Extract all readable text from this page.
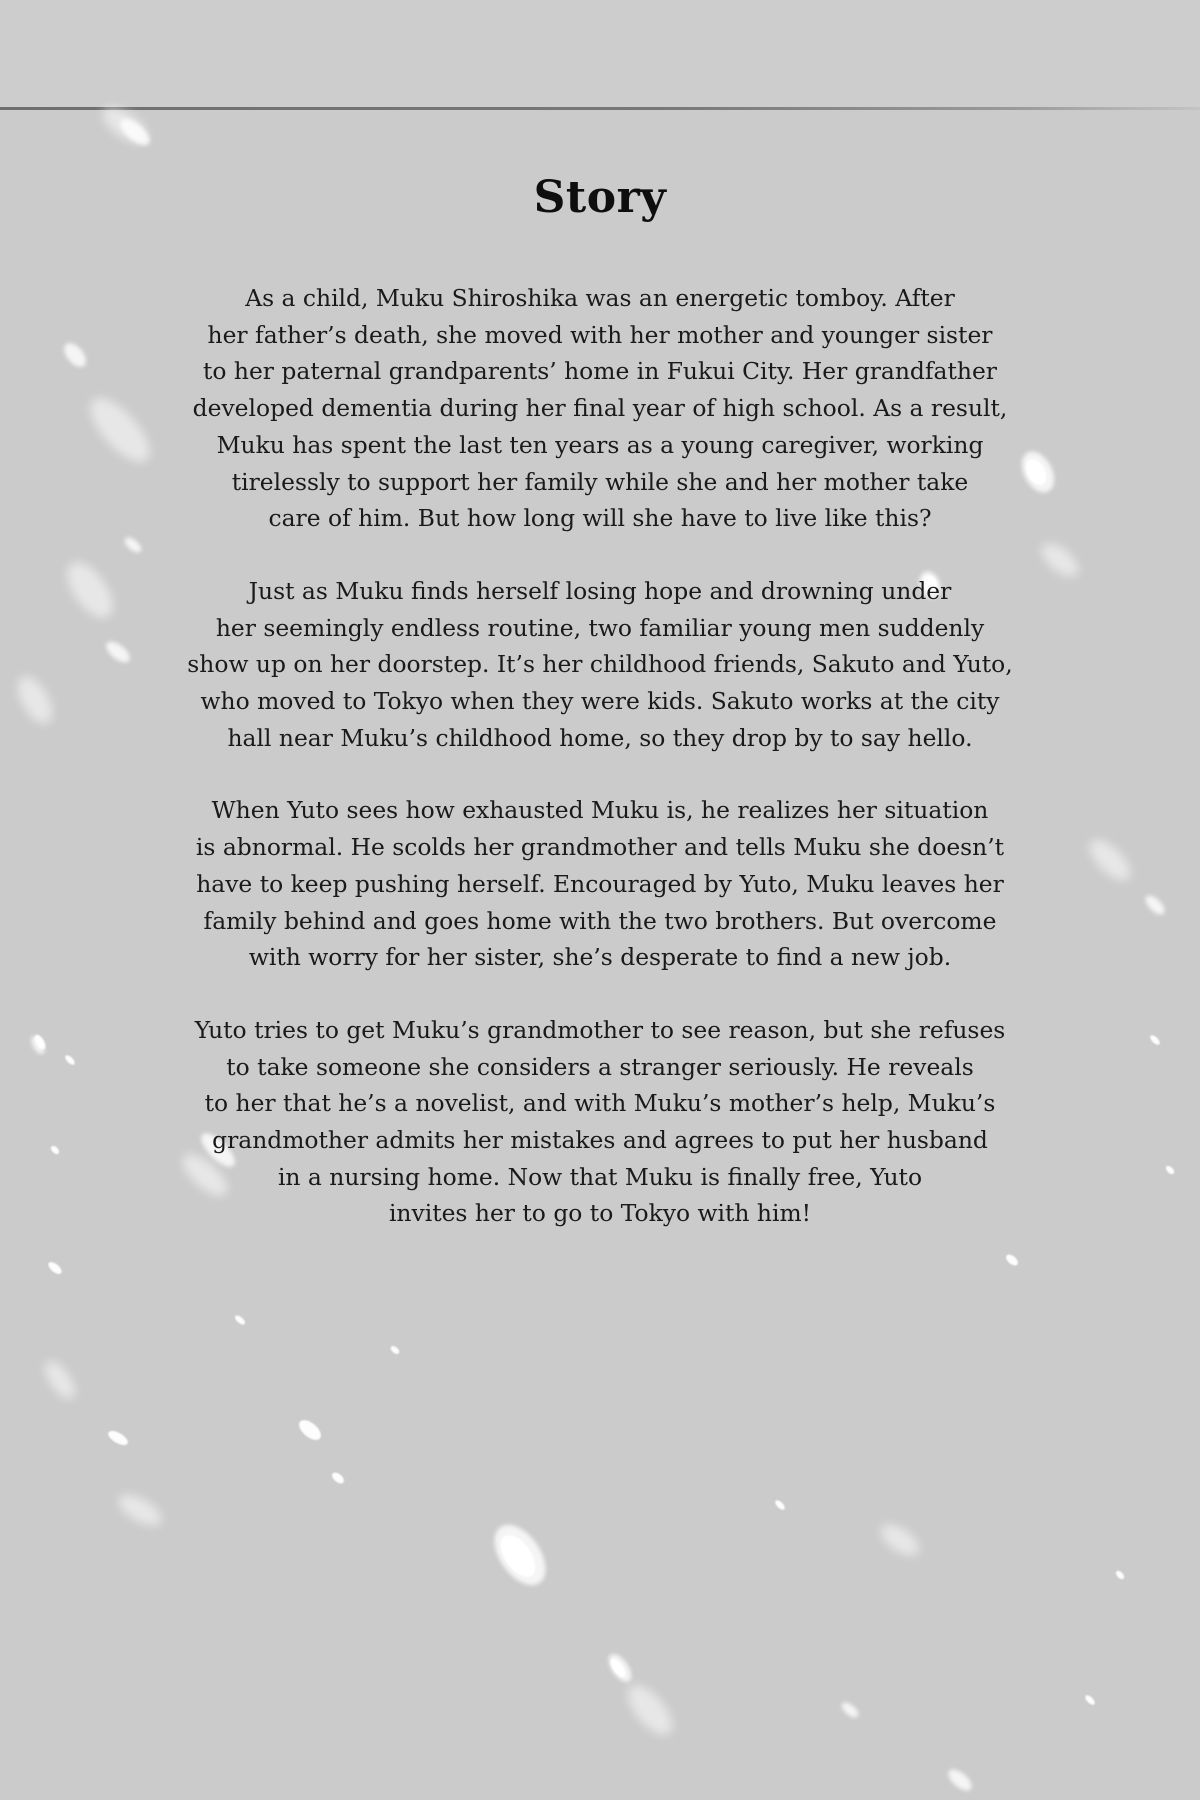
Story
As a child, Muku Shiroshika was an energetic tomboy. After
her father’s death, she moved with her mother and younger sister
to her paternal grandparents’ home in Fukui City. Her grandfather
developed dementia during her final year of high school. As a result,
Muku has spent the last ten years as a young caregiver, working
tirelessly to support her family while she and her mother take
care of him. But how long will she have to live like this?
Just as Muku finds herself losing hope and drowning under
her seemingly endless routine, two familiar young men suddenly
show up on her doorstep. It’s her childhood friends, Sakuto and Yuto,
who moved to Tokyo when they were kids. Sakuto works at the city
hall near Muku’s childhood home, so they drop by to say hello.
When Yuto sees how exhausted Muku is, he realizes her situation
is abnormal. He scolds her grandmother and tells Muku she doesn’t
have to keep pushing herself. Encouraged by Yuto, Muku leaves her
family behind and goes home with the two brothers. But overcome
with worry for her sister, she’s desperate to find a new job.
Yuto tries to get Muku’s grandmother to see reason, but she refuses
to take someone she considers a stranger seriously. He reveals
to her that he’s a novelist, and with Muku’s mother’s help, Muku’s
grandmother admits her mistakes and agrees to put her husband
in a nursing home. Now that Muku is finally free, Yuto
invites her to go to Tokyo with him!
